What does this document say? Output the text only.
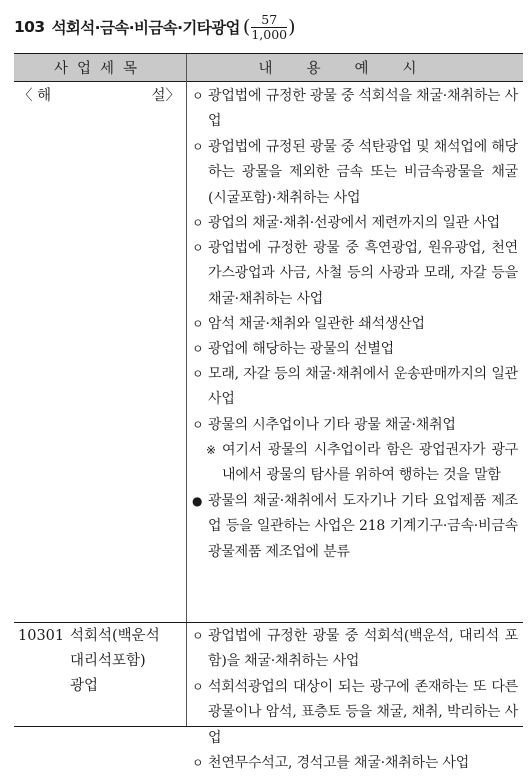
103 석회석·금속·비금속·기타광업 ( $\frac{57}{1,000}$ )
사업세목	내용예시
〈 해	설〉 ㅇ 광업법에 규정한 광물 중 석회석을 채굴·채취하는 사업
ㅇ 광업법에 규정된 광물 중 석탄광업 및 채석업에 해당하는 광물을 제외한 금속 또는 비금속광물을 채굴(시굴포함)·채취하는 사업
ㅇ 광업의 채굴·채취·선광에서 제련까지의 일관 사업
ㅇ 광업법에 규정한 광물 중 흑연광업, 원유광업, 천연가스광업과 사금, 사철 등의 사광과 모래, 자갈 등을 채굴·채취하는 사업
ㅇ 암석 채굴·채취와 일관한 쇄석생산업
ㅇ 광업에 해당하는 광물의 선별업
ㅇ 모래, 자갈 등의 채굴·채취에서 운송판매까지의 일관사업
ㅇ 광물의 시추업이나 기타 광물 채굴·채취업
※ 여기서 광물의 시추업이라 함은 광업권자가 광구 내에서 광물의 탐사를 위하여 행하는 것을 말함
● 광물의 채굴·채취에서 도자기나 기타 요업제품 제조업 등을 일관하는 사업은 218 기계기구·금속·비금속광물제품 제조업에 분류
10301 석회석(백운석
대리석포함)
광업
ㅇ 광업법에 규정한 광물 중 석회석(백운석, 대리석 포함)을 채굴·채취하는 사업
ㅇ 석회석광업의 대상이 되는 광구에 존재하는 또 다른 광물이나 암석, 표층토 등을 채굴, 채취, 박리하는 사업
ㅇ 천연무수석고, 경석고를 채굴·채취하는 사업
